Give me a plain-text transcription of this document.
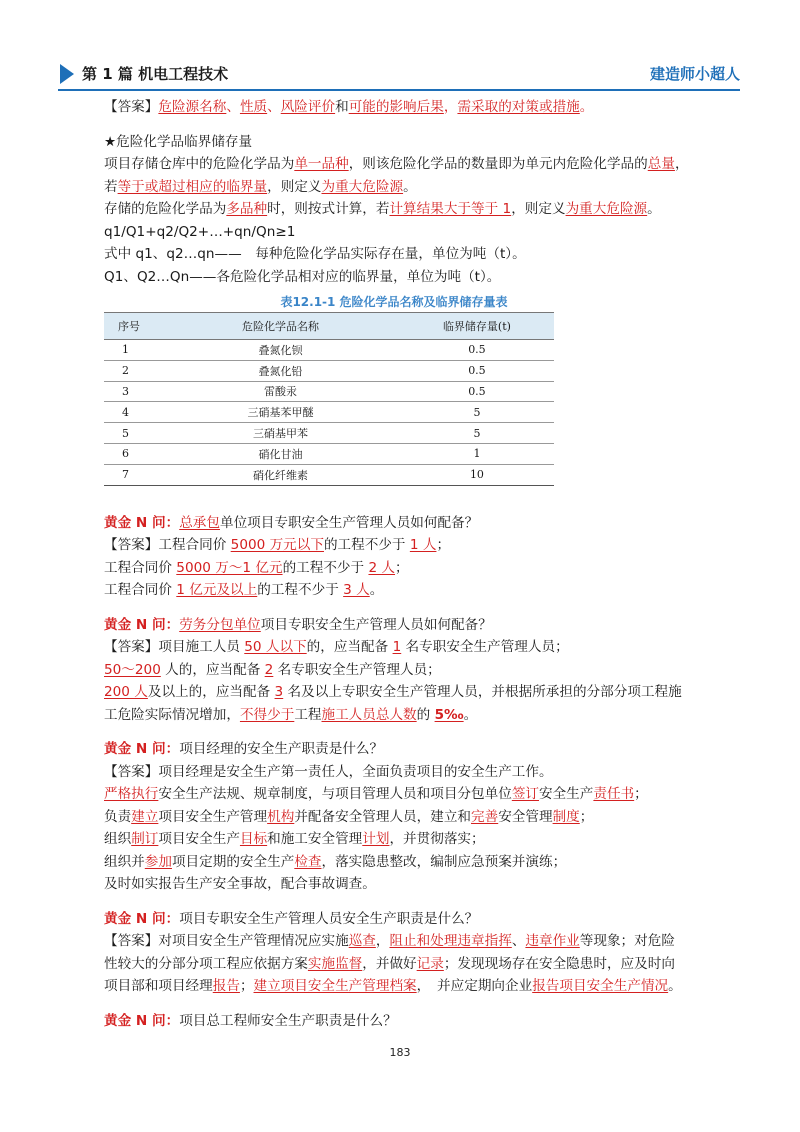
第 1 篇 机电工程技术	建造师小超人
【答案】危险源名称、性质、风险评价和可能的影响后果，需采取的对策或措施。
★危险化学品临界储存量
项目存储仓库中的危险化学品为单一品种，则该危险化学品的数量即为单元内危险化学品的总量，
若等于或超过相应的临界量，则定义为重大危险源。
存储的危险化学品为多品种时，则按式计算，若计算结果大于等于 1，则定义为重大危险源。
q1/Q1+q2/Q2+…+qn/Qn≥1
式中 q1、q2…qn——　每种危险化学品实际存在量，单位为吨（t）。
Q1、Q2…Qn——各危险化学品相对应的临界量，单位为吨（t）。
表12.1-1 危险化学品名称及临界储存量表
序号	危险化学品名称	临界储存量(t)
1	叠氮化钡	0.5
2	叠氮化铅	0.5
3	雷酸汞	0.5
4	三硝基苯甲醚	5
5	三硝基甲苯	5
6	硝化甘油	1
7	硝化纤维素	10
黄金 N 问：总承包单位项目专职安全生产管理人员如何配备？
【答案】工程合同价 5000 万元以下的工程不少于 1 人；
工程合同价 5000 万～1 亿元的工程不少于 2 人；
工程合同价 1 亿元及以上的工程不少于 3 人。
黄金 N 问：劳务分包单位项目专职安全生产管理人员如何配备？
【答案】项目施工人员 50 人以下的，应当配备 1 名专职安全生产管理人员；
50～200 人的，应当配备 2 名专职安全生产管理人员；
200 人及以上的，应当配备 3 名及以上专职安全生产管理人员，并根据所承担的分部分项工程施
工危险实际情况增加，不得少于工程施工人员总人数的 5‰。
黄金 N 问：项目经理的安全生产职责是什么？
【答案】项目经理是安全生产第一责任人，全面负责项目的安全生产工作。
严格执行安全生产法规、规章制度，与项目管理人员和项目分包单位签订安全生产责任书；
负责建立项目安全生产管理机构并配备安全管理人员，建立和完善安全管理制度；
组织制订项目安全生产目标和施工安全管理计划，并贯彻落实；
组织并参加项目定期的安全生产检查，落实隐患整改，编制应急预案并演练；
及时如实报告生产安全事故，配合事故调查。
黄金 N 问：项目专职安全生产管理人员安全生产职责是什么？
【答案】对项目安全生产管理情况应实施巡查，阻止和处理违章指挥、违章作业等现象；对危险
性较大的分部分项工程应依据方案实施监督，并做好记录；发现现场存在安全隐患时，应及时向
项目部和项目经理报告；建立项目安全生产管理档案，　并应定期向企业报告项目安全生产情况。
黄金 N 问：项目总工程师安全生产职责是什么？
183
